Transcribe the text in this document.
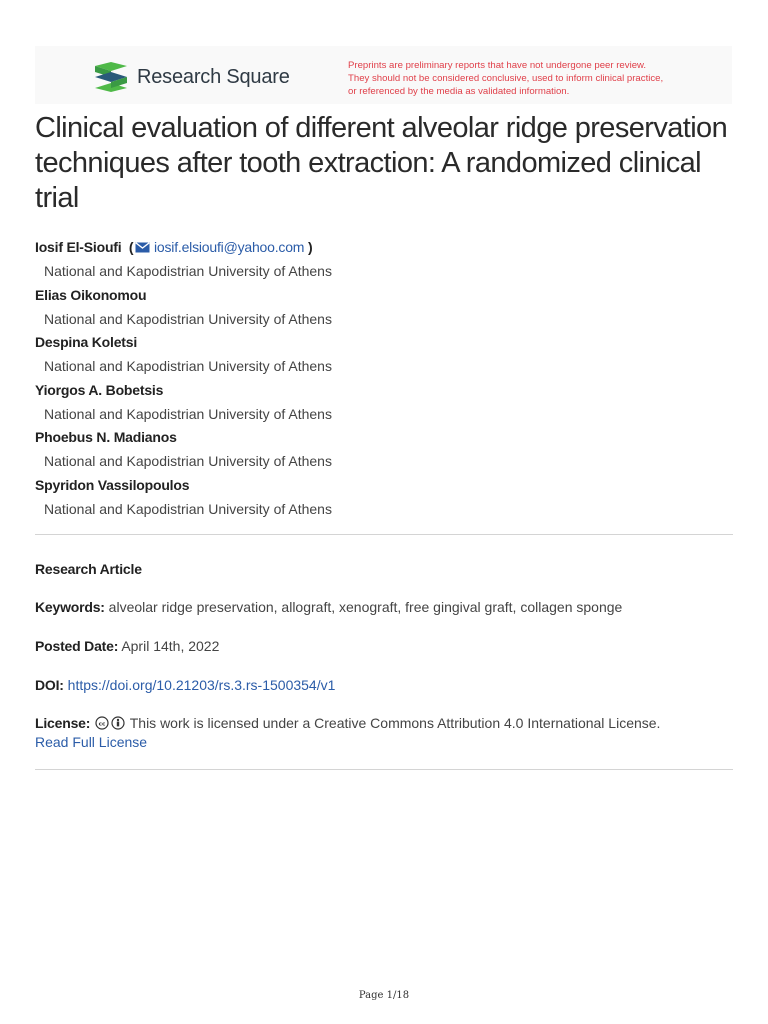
Research Square	Preprints are preliminary reports that have not undergone peer review.
They should not be considered conclusive, used to inform clinical practice,
or referenced by the media as validated information.
Clinical evaluation of different alveolar ridge preservation techniques after tooth extraction: A randomized clinical trial
Iosif El-Sioufi  ( iosif.elsioufi@yahoo.com )
National and Kapodistrian University of Athens
Elias Oikonomou
National and Kapodistrian University of Athens
Despina Koletsi
National and Kapodistrian University of Athens
Yiorgos A. Bobetsis
National and Kapodistrian University of Athens
Phoebus N. Madianos
National and Kapodistrian University of Athens
Spyridon Vassilopoulos
National and Kapodistrian University of Athens
Research Article
Keywords: alveolar ridge preservation, allograft, xenograft, free gingival graft, collagen sponge
Posted Date: April 14th, 2022
DOI: https://doi.org/10.21203/rs.3.rs-1500354/v1
License: cc This work is licensed under a Creative Commons Attribution 4.0 International License.
Read Full License
Page 1/18
